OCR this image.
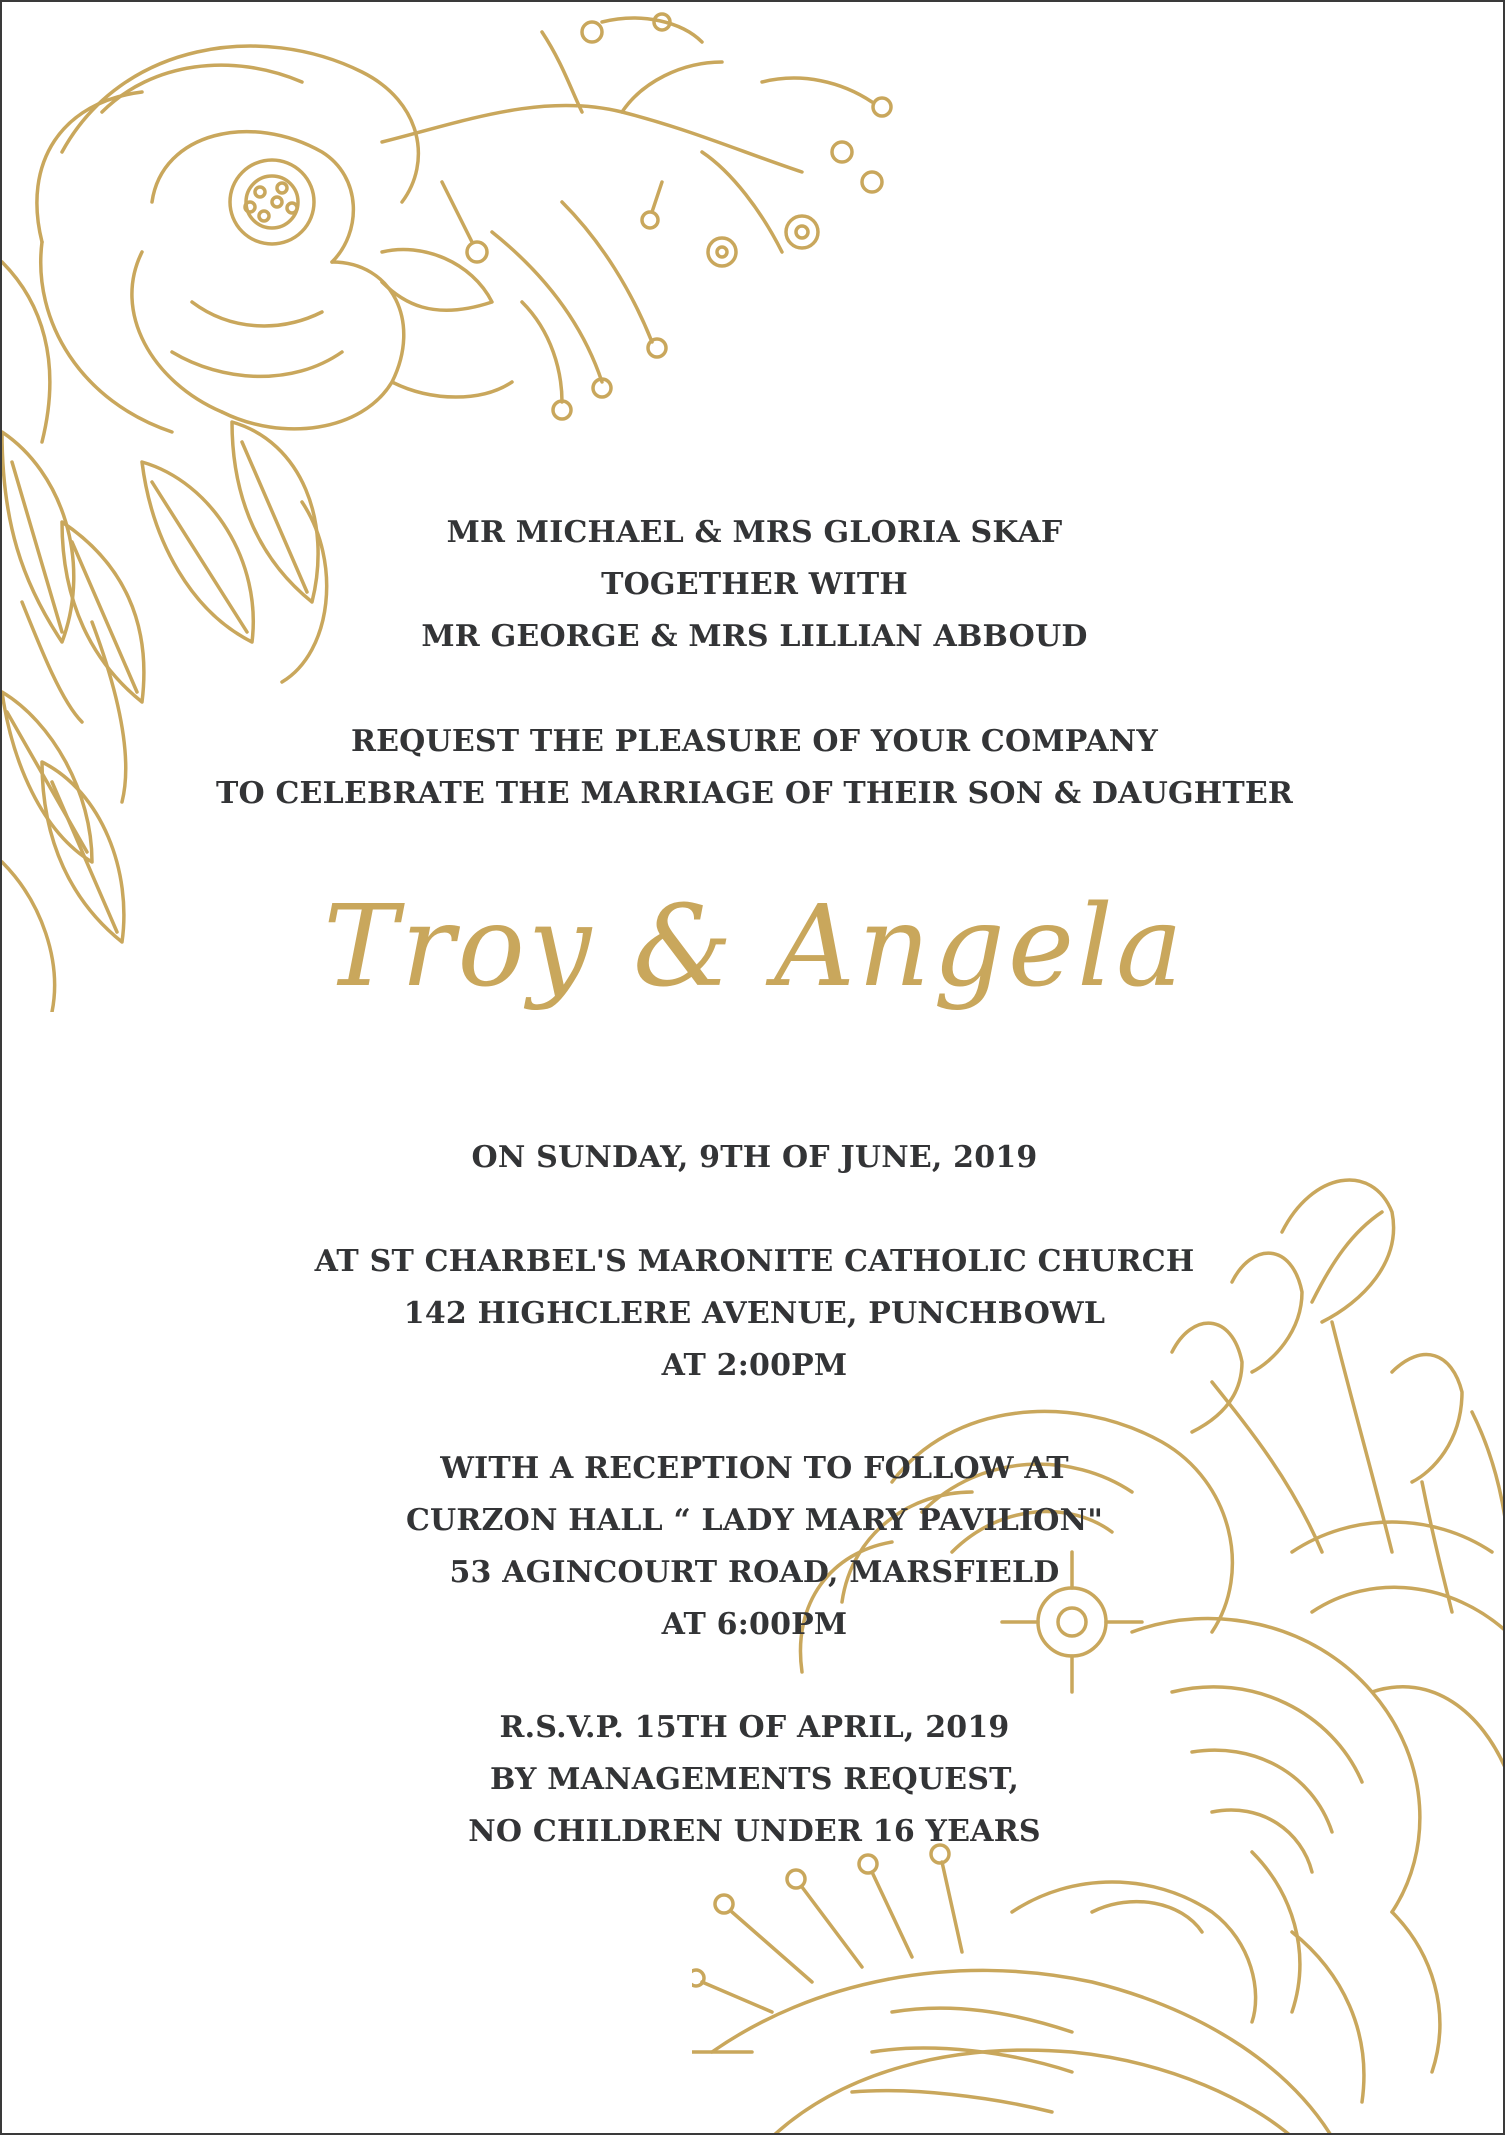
MR MICHAEL & MRS GLORIA SKAF
TOGETHER WITH
MR GEORGE & MRS LILLIAN ABBOUD
REQUEST THE PLEASURE OF YOUR COMPANY
TO CELEBRATE THE MARRIAGE OF THEIR SON & DAUGHTER
Troy & Angela
ON SUNDAY, 9TH OF JUNE, 2019
AT ST CHARBEL'S MARONITE CATHOLIC CHURCH
142 HIGHCLERE AVENUE, PUNCHBOWL
AT 2:00PM
WITH A RECEPTION TO FOLLOW AT
CURZON HALL “ LADY MARY PAVILION"
53 AGINCOURT ROAD, MARSFIELD
AT 6:00PM
R.S.V.P. 15TH OF APRIL, 2019
BY MANAGEMENTS REQUEST,
NO CHILDREN UNDER 16 YEARS
